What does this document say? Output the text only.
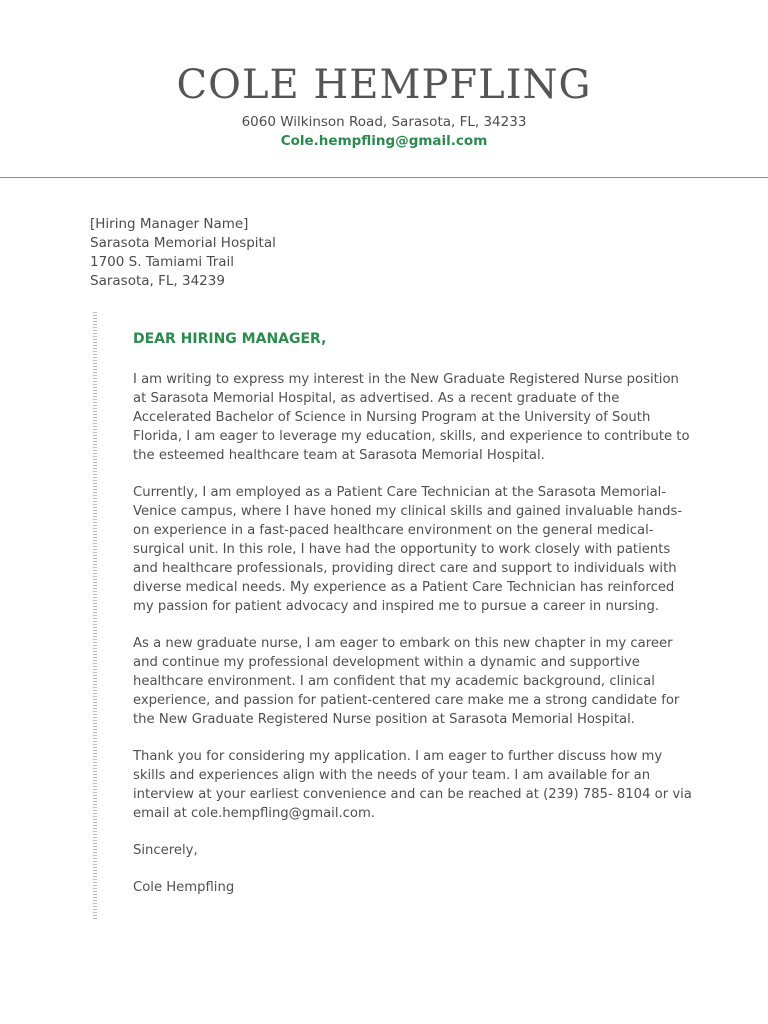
COLE HEMPFLING
6060 Wilkinson Road, Sarasota, FL, 34233
Cole.hempfling@gmail.com
[Hiring Manager Name]
Sarasota Memorial Hospital
1700 S. Tamiami Trail
Sarasota, FL, 34239

DEAR HIRING MANAGER,

I am writing to express my interest in the New Graduate Registered Nurse position at Sarasota Memorial Hospital, as advertised. As a recent graduate of the Accelerated Bachelor of Science in Nursing Program at the University of South Florida, I am eager to leverage my education, skills, and experience to contribute to the esteemed healthcare team at Sarasota Memorial Hospital.

Currently, I am employed as a Patient Care Technician at the Sarasota Memorial-Venice campus, where I have honed my clinical skills and gained invaluable hands-on experience in a fast-paced healthcare environment on the general medical-surgical unit. In this role, I have had the opportunity to work closely with patients and healthcare professionals, providing direct care and support to individuals with diverse medical needs. My experience as a Patient Care Technician has reinforced my passion for patient advocacy and inspired me to pursue a career in nursing.

As a new graduate nurse, I am eager to embark on this new chapter in my career and continue my professional development within a dynamic and supportive healthcare environment. I am confident that my academic background, clinical experience, and passion for patient-centered care make me a strong candidate for the New Graduate Registered Nurse position at Sarasota Memorial Hospital.

Thank you for considering my application. I am eager to further discuss how my skills and experiences align with the needs of your team. I am available for an interview at your earliest convenience and can be reached at (239) 785- 8104 or via email at cole.hempfling@gmail.com.

Sincerely,

Cole Hempfling
